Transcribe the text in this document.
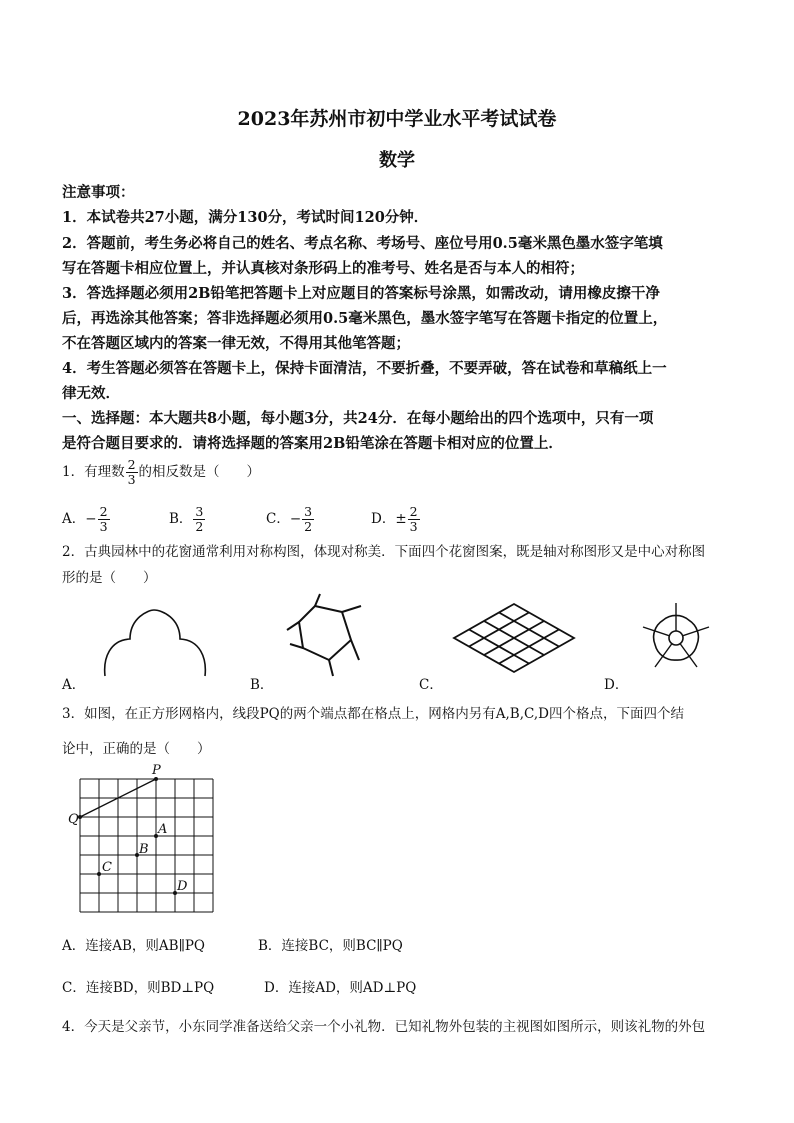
2023年苏州市初中学业水平考试试卷
数学
注意事项：
1．本试卷共27小题，满分130分，考试时间120分钟．
2．答题前，考生务必将自己的姓名、考点名称、考场号、座位号用0.5毫米黑色墨水签字笔填
写在答题卡相应位置上，并认真核对条形码上的准考号、姓名是否与本人的相符；
3．答选择题必须用2B铅笔把答题卡上对应题目的答案标号涂黑，如需改动，请用橡皮擦干净
后，再选涂其他答案；答非选择题必须用0.5毫米黑色，墨水签字笔写在答题卡指定的位置上，
不在答题区域内的答案一律无效，不得用其他笔答题；
4．考生答题必须答在答题卡上，保持卡面清洁，不要折叠，不要弄破，答在试卷和草稿纸上一
律无效．
一、选择题：本大题共8小题，每小题3分，共24分．在每小题给出的四个选项中，只有一项
是符合题目要求的．请将选择题的答案用2B铅笔涂在答题卡相对应的位置上．
1．有理数 $\frac{2}{3}$ 的相反数是（　　）
A．− $\frac{2}{3}$	B． $\frac{3}{2}$	C．− $\frac{3}{2}$	D．± $\frac{2}{3}$
2．古典园林中的花窗通常利用对称构图，体现对称美．下面四个花窗图案，既是轴对称图形又是中心对称图
形的是（　　）
A．	B．	C．	D．
3．如图，在正方形网格内，线段PQ的两个端点都在格点上，网格内另有A,B,C,D四个格点，下面四个结
论中，正确的是（　　）
P
Q
A
B
C
D
A．连接AB，则AB∥PQ	B．连接BC，则BC∥PQ
C．连接BD，则BD⊥PQ	D．连接AD，则AD⊥PQ
4．今天是父亲节，小东同学准备送给父亲一个小礼物．已知礼物外包装的主视图如图所示，则该礼物的外包
